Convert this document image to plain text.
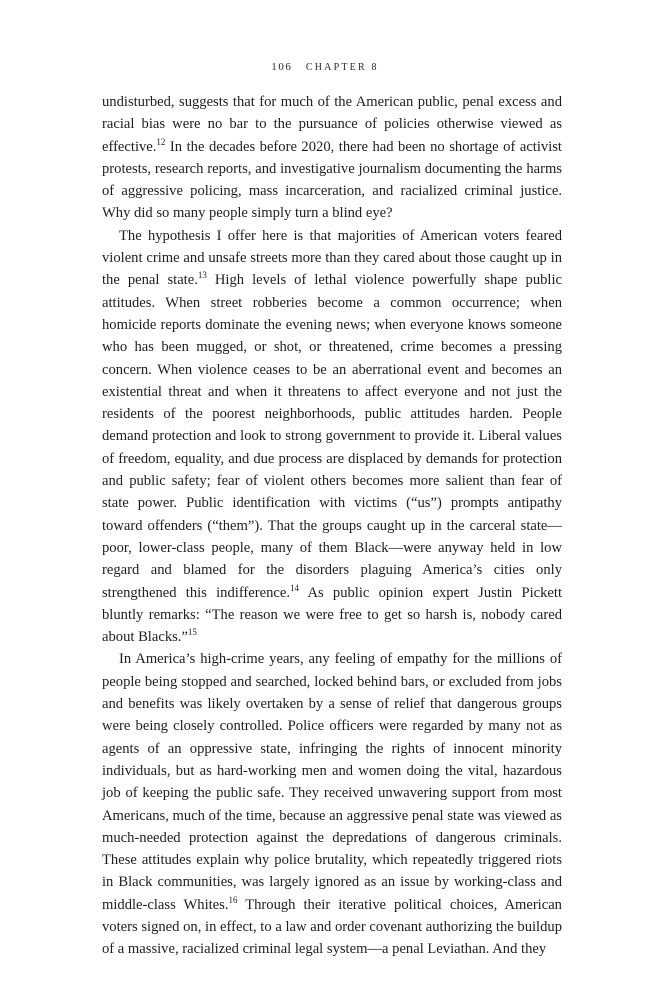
106 CHAPTER 8

undisturbed, suggests that for much of the American public, penal excess and racial bias were no bar to the pursuance of policies otherwise viewed as effective.$^{12}$ In the decades before 2020, there had been no shortage of activist protests, research reports, and investigative journalism documenting the harms of aggressive policing, mass incarceration, and racialized criminal justice. Why did so many people simply turn a blind eye?

The hypothesis I offer here is that majorities of American voters feared violent crime and unsafe streets more than they cared about those caught up in the penal state.$^{13}$ High levels of lethal violence powerfully shape public attitudes. When street robberies become a common occurrence; when homicide reports dominate the evening news; when everyone knows someone who has been mugged, or shot, or threatened, crime becomes a pressing concern. When violence ceases to be an aberrational event and becomes an existential threat and when it threatens to affect everyone and not just the residents of the poorest neighborhoods, public attitudes harden. People demand protection and look to strong government to provide it. Liberal values of freedom, equality, and due process are displaced by demands for protection and public safety; fear of violent others becomes more salient than fear of state power. Public identification with victims (“us”) prompts antipathy toward offenders (“them”). That the groups caught up in the carceral state—poor, lower-class people, many of them Black—were anyway held in low regard and blamed for the disorders plaguing America’s cities only strengthened this indifference.$^{14}$ As public opinion expert Justin Pickett bluntly remarks: “The reason we were free to get so harsh is, nobody cared about Blacks.”$^{15}$

In America’s high-crime years, any feeling of empathy for the millions of people being stopped and searched, locked behind bars, or excluded from jobs and benefits was likely overtaken by a sense of relief that dangerous groups were being closely controlled. Police officers were regarded by many not as agents of an oppressive state, infringing the rights of innocent minority individuals, but as hard-working men and women doing the vital, hazardous job of keeping the public safe. They received unwavering support from most Americans, much of the time, because an aggressive penal state was viewed as much-needed protection against the depredations of dangerous criminals. These attitudes explain why police brutality, which repeatedly triggered riots in Black communities, was largely ignored as an issue by working-class and middle-class Whites.$^{16}$ Through their iterative political choices, American voters signed on, in effect, to a law and order covenant authorizing the buildup of a massive, racialized criminal legal system—a penal Leviathan. And they
